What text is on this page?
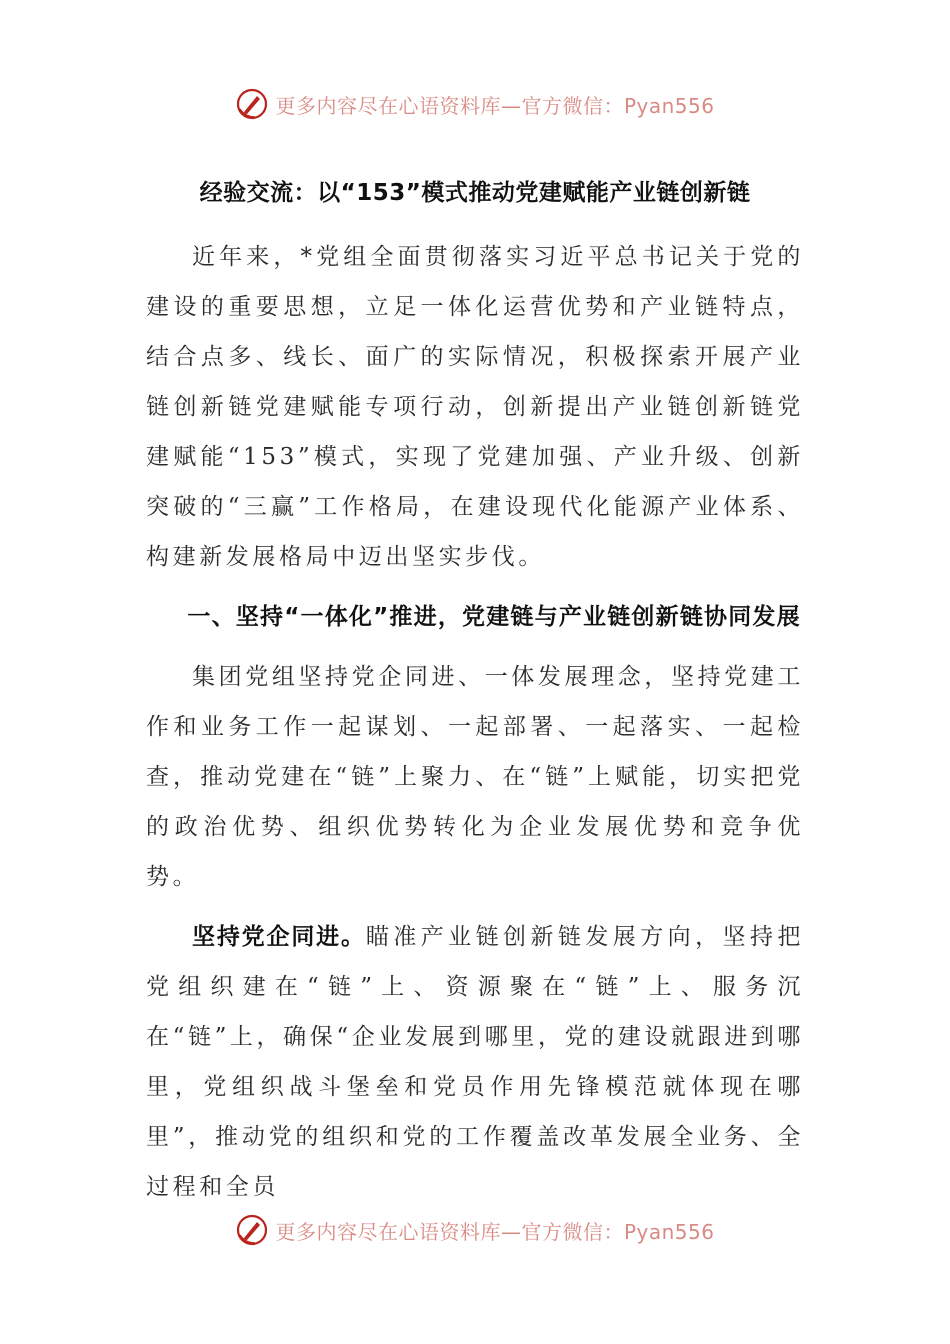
更多内容尽在心语资料库—官方微信：Pyan556
经验交流：以“153”模式推动党建赋能产业链创新链

近年来，*党组全面贯彻落实习近平总书记关于党的建设的重要思想，立足一体化运营优势和产业链特点，结合点多、线长、面广的实际情况，积极探索开展产业链创新链党建赋能专项行动，创新提出产业链创新链党建赋能“153”模式，实现了党建加强、产业升级、创新突破的“三赢”工作格局，在建设现代化能源产业体系、构建新发展格局中迈出坚实步伐。

一、坚持“一体化”推进，党建链与产业链创新链协同发展

集团党组坚持党企同进、一体发展理念，坚持党建工作和业务工作一起谋划、一起部署、一起落实、一起检查，推动党建在“链”上聚力、在“链”上赋能，切实把党的政治优势、组织优势转化为企业发展优势和竞争优势。

坚持党企同进。瞄准产业链创新链发展方向，坚持把党组织建在“链”上、资源聚在“链”上、服务沉在“链”上，确保“企业发展到哪里，党的建设就跟进到哪里，党组织战斗堡垒和党员作用先锋模范就体现在哪里”，推动党的组织和党的工作覆盖改革发展全业务、全过程和全员

更多内容尽在心语资料库—官方微信：Pyan556
